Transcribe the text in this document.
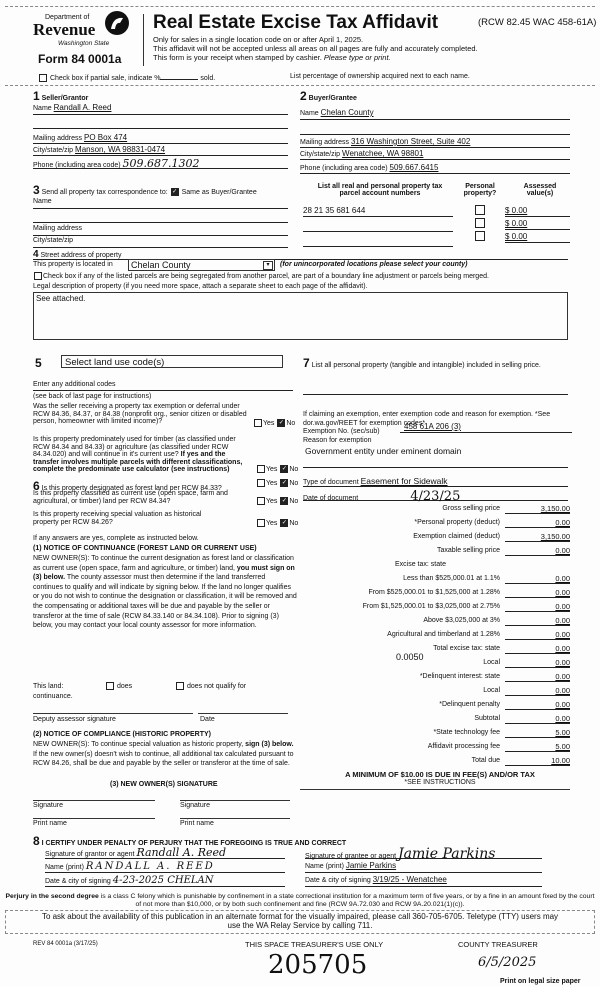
Department of
Revenue
Washington State
Form 84 0001a
Real Estate Excise Tax Affidavit	(RCW 82.45 WAC 458-61A)
Only for sales in a single location code on or after April 1, 2025.
This affidavit will not be accepted unless all areas on all pages are fully and accurately completed.
This form is your receipt when stamped by cashier. Please type or print.
Check box if partial sale, indicate %	sold.	List percentage of ownership acquired next to each name.
1 Seller/Grantor
Name Randall A. Reed
Mailing address PO Box 474
City/state/zip Manson, WA 98831-0474
Phone (including area code) 509.687.1302
2 Buyer/Grantee
Name Chelan County
Mailing address 316 Washington Street, Suite 402
City/state/zip Wenatchee, WA 98801
Phone (including area code) 509.667.6415
3 Send all property tax correspondence to: ✓ Same as Buyer/Grantee
Name
Mailing address
City/state/zip
List all real and personal property tax
parcel account numbers
Personal
property?
Assessed
value(s)
28 21 35 681 644	$ 0.00
$ 0.00
$ 0.00
4 Street address of property
This property is located in	Chelan County	▾	(for unincorporated locations please select your county)
Check box if any of the listed parcels are being segregated from another parcel, are part of a boundary line adjustment or parcels being merged.
Legal description of property (if you need more space, attach a separate sheet to each page of the affidavit).
See attached.
5	Select land use code(s)
Enter any additional codes
(see back of last page for instructions)
Was the seller receiving a property tax exemption or deferral under RCW 84.36, 84.37, or 84.38 (nonprofit org., senior citizen or disabled person, homeowner with limited income)?	Yes ✓ No
Is this property predominately used for timber (as classified under RCW 84.34 and 84.33) or agriculture (as classified under RCW 84.34.020) and will continue in it's current use? If yes and the transfer involves multiple parcels with different classifications, complete the predominate use calculator (see instructions)	Yes ✓ No
6 Is this property designated as forest land per RCW 84.33?
Yes ✓ No
Is this property classified as current use (open space, farm and agricultural, or timber) land per RCW 84.34?	Yes ✓ No
Is this property receiving special valuation as historical property per RCW 84.26?	Yes ✓ No
If any answers are yes, complete as instructed below.
(1) NOTICE OF CONTINUANCE (FOREST LAND OR CURRENT USE)
NEW OWNER(S): To continue the current designation as forest land or classification as current use (open space, farm and agriculture, or timber) land, you must sign on (3) below. The county assessor must then determine if the land transferred continues to qualify and will indicate by signing below. If the land no longer qualifies or you do not wish to continue the designation or classification, it will be removed and the compensating or additional taxes will be due and payable by the seller or transferor at the time of sale (RCW 84.33.140 or 84.34.108). Prior to signing (3) below, you may contact your local county assessor for more information.
This land:
continuance.
does	does not qualify for
Deputy assessor signature	Date
(2) NOTICE OF COMPLIANCE (HISTORIC PROPERTY)
NEW OWNER(S): To continue special valuation as historic property, sign (3) below. If the new owner(s) doesn't wish to continue, all additional tax calculated pursuant to RCW 84.26, shall be due and payable by the seller or transferor at the time of sale.
(3) NEW OWNER(S) SIGNATURE
Signature	Signature
Print name	Print name
7 List all personal property (tangible and intangible) included in selling price.
If claiming an exemption, enter exemption code and reason for exemption. *See dor.wa.gov/REET for exemption codes*
Exemption No. (sec/sub)
458 61A 206 (3)
Reason for exemption
Government entity under eminent domain
Type of document Easement for Sidewalk
Date of document	4/23/25
Gross selling price	3,150.00
*Personal property (deduct)	0.00
Exemption claimed (deduct)	3,150.00
Taxable selling price	0.00
Excise tax: state
Less than $525,000.01 at 1.1%	0.00
From $525,000.01 to $1,525,000 at 1.28%	0.00
From $1,525,000.01 to $3,025,000 at 2.75%	0.00
Above $3,025,000 at 3%	0.00
Agricultural and timberland at 1.28%	0.00
Total excise tax: state	0.00
Local	0.00
*Delinquent interest: state	0.00
Local	0.00
*Delinquent penalty	0.00
Subtotal	0.00
*State technology fee	5.00
Affidavit processing fee	5.00
Total due	10.00
0.0050
A MINIMUM OF $10.00 IS DUE IN FEE(S) AND/OR TAX
*SEE INSTRUCTIONS
8 I CERTIFY UNDER PENALTY OF PERJURY THAT THE FOREGOING IS TRUE AND CORRECT
Signature of grantor or agent Randall A. Reed
Name (print) RANDALL A. REED
Date & city of signing 4-23-2025 CHELAN
Signature of grantee or agent Jamie Parkins
Name (print) Jamie Parkins
Date & city of signing 3/19/25 - Wenatchee
Perjury in the second degree is a class C felony which is punishable by confinement in a state correctional institution for a maximum term of five years, or by a fine in an amount fixed by the court of not more than $10,000, or by both such confinement and fine (RCW 9A.72.030 and RCW 9A.20.021(1)(c)).
To ask about the availability of this publication in an alternate format for the visually impaired, please call 360-705-6705. Teletype (TTY) users may use the WA Relay Service by calling 711.
REV 84 0001a (3/17/25)	THIS SPACE TREASURER'S USE ONLY	COUNTY TREASURER
205705	6/5/2025
Print on legal size paper
